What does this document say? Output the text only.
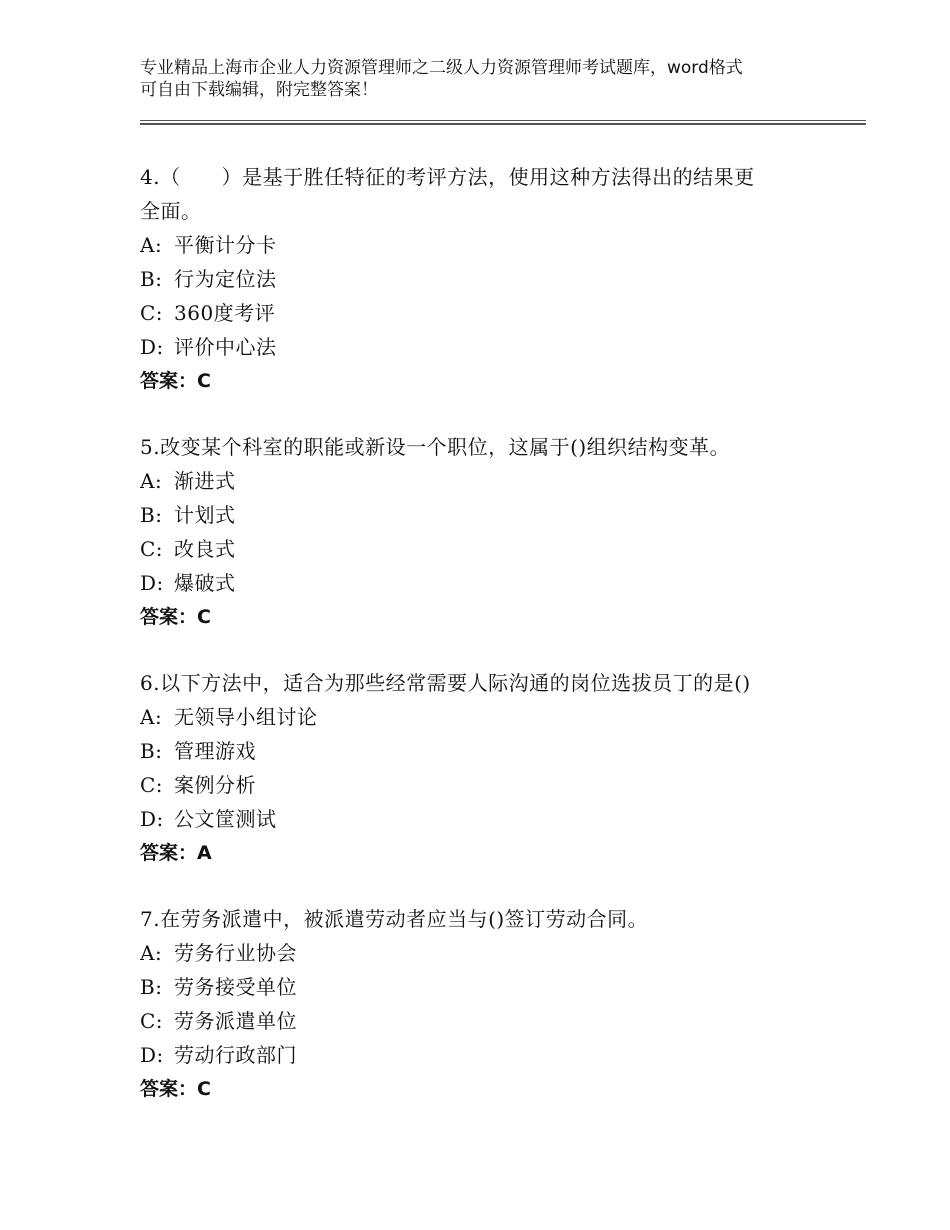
专业精品上海市企业人力资源管理师之二级人力资源管理师考试题库，word格式
可自由下载编辑，附完整答案！
4.（　　）是基于胜任特征的考评方法，使用这种方法得出的结果更
全面。
A: 平衡计分卡
B: 行为定位法
C: 360度考评
D: 评价中心法
答案：C
5.改变某个科室的职能或新设一个职位，这属于()组织结构变革。
A: 渐进式
B: 计划式
C: 改良式
D: 爆破式
答案：C
6.以下方法中，适合为那些经常需要人际沟通的岗位选拔员丁的是()
A: 无领导小组讨论
B: 管理游戏
C: 案例分析
D: 公文筐测试
答案：A
7.在劳务派遣中，被派遣劳动者应当与()签订劳动合同。
A: 劳务行业协会
B: 劳务接受单位
C: 劳务派遣单位
D: 劳动行政部门
答案：C
